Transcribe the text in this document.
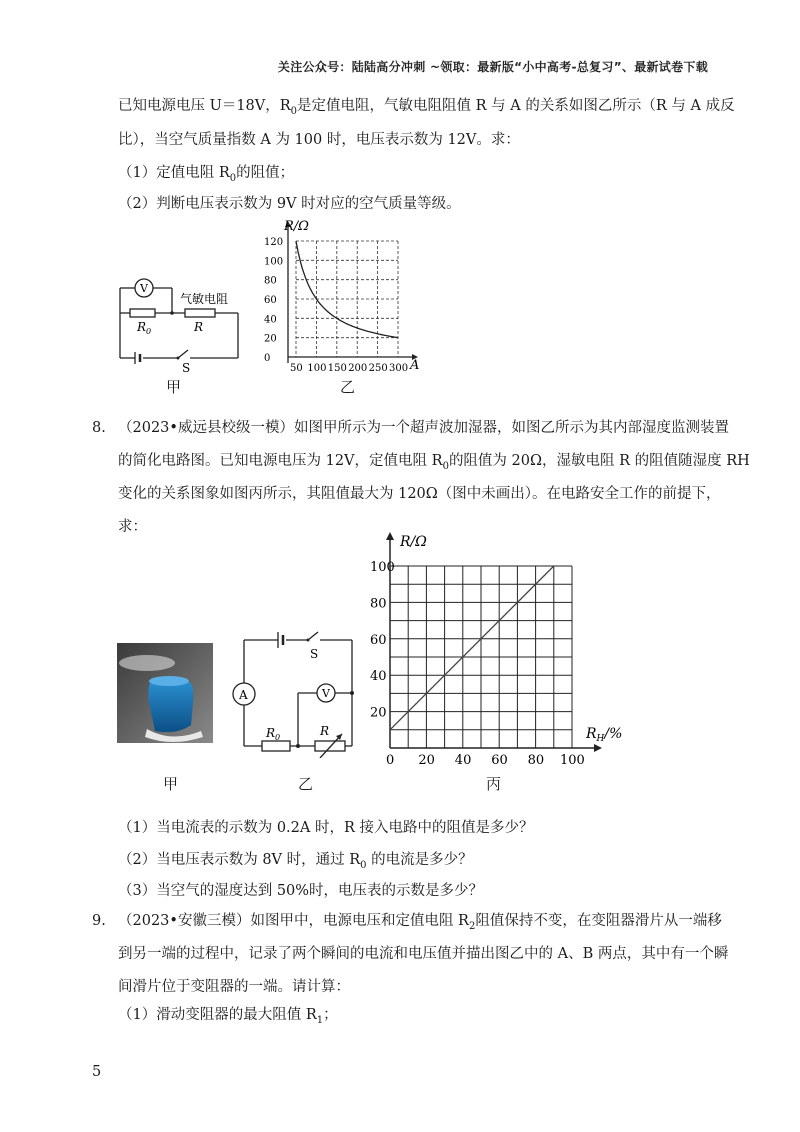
关注公众号：陆陆高分冲刺 ~领取：最新版“小中高考-总复习”、最新试卷下载
已知电源电压 U＝18V，$R_0$是定值电阻，气敏电阻阻值 R 与 A 的关系如图乙所示（R 与 A 成反
比），当空气质量指数 A 为 100 时，电压表示数为 12V。求：
（1）定值电阻 $R_0$的阻值；
（2）判断电压表示数为 9V 时对应的空气质量等级。
V
气敏电阻
$R_0$	R
S
甲
120
100
80
60
40
20
0
50 100 150 200 250 300
R/Ω
A
乙
8. （2023•威远县校级一模）如图甲所示为一个超声波加湿器，如图乙所示为其内部湿度监测装置
的简化电路图。已知电源电压为 12V，定值电阻 $R_0$的阻值为 20Ω，湿敏电阻 R 的阻值随湿度 RH
变化的关系图象如图丙所示，其阻值最大为 120Ω（图中未画出）。在电路安全工作的前提下，
求：
甲
A	V
S
$R_0$	R
乙
100
80
60
40
20
0 20 40 60 80 100
R/Ω
$R_H/\%$
丙
（1）当电流表的示数为 0.2A 时，R 接入电路中的阻值是多少？
（2）当电压表示数为 8V 时，通过 $R_0$ 的电流是多少？
（3）当空气的湿度达到 50%时，电压表的示数是多少？
9. （2023•安徽三模）如图甲中，电源电压和定值电阻 $R_2$阻值保持不变，在变阻器滑片从一端移
到另一端的过程中，记录了两个瞬间的电流和电压值并描出图乙中的 A、B 两点，其中有一个瞬
间滑片位于变阻器的一端。请计算：
（1）滑动变阻器的最大阻值 $R_1$；
5
